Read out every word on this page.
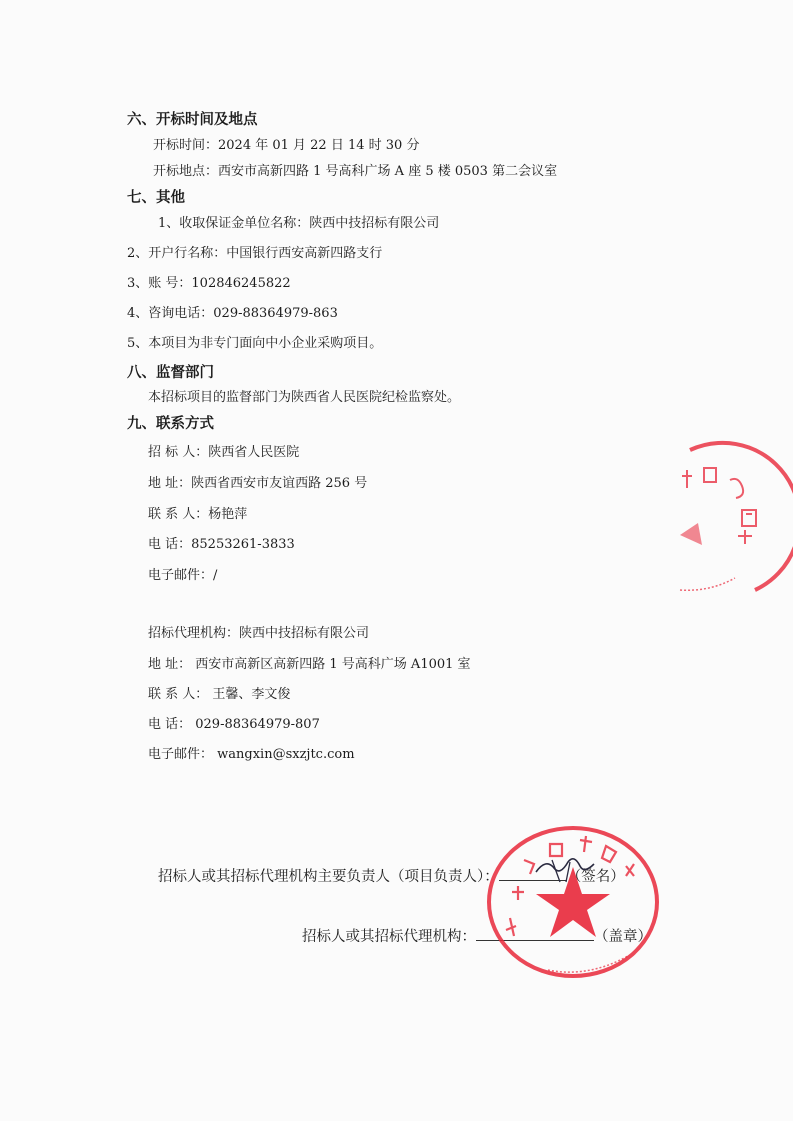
六、开标时间及地点
开标时间：2024 年 01 月 22 日 14 时 30 分
开标地点：西安市高新四路 1 号高科广场 A 座 5 楼 0503 第二会议室
七、其他
1、收取保证金单位名称：陕西中技招标有限公司
2、开户行名称：中国银行西安高新四路支行
3、账 号：102846245822
4、咨询电话：029-88364979-863
5、本项目为非专门面向中小企业采购项目。
八、监督部门
本招标项目的监督部门为陕西省人民医院纪检监察处。
九、联系方式
招 标 人：陕西省人民医院
地 址：陕西省西安市友谊西路 256 号
联 系 人：杨艳萍
电 话：85253261-3833
电子邮件：/
招标代理机构：陕西中技招标有限公司
地 址： 西安市高新区高新四路 1 号高科广场 A1001 室
联 系 人： 王馨、李文俊
电 话： 029-88364979-807
电子邮件： wangxin@sxzjtc.com
招标人或其招标代理机构主要负责人（项目负责人）：	（签名）
招标人或其招标代理机构：	（盖章）
